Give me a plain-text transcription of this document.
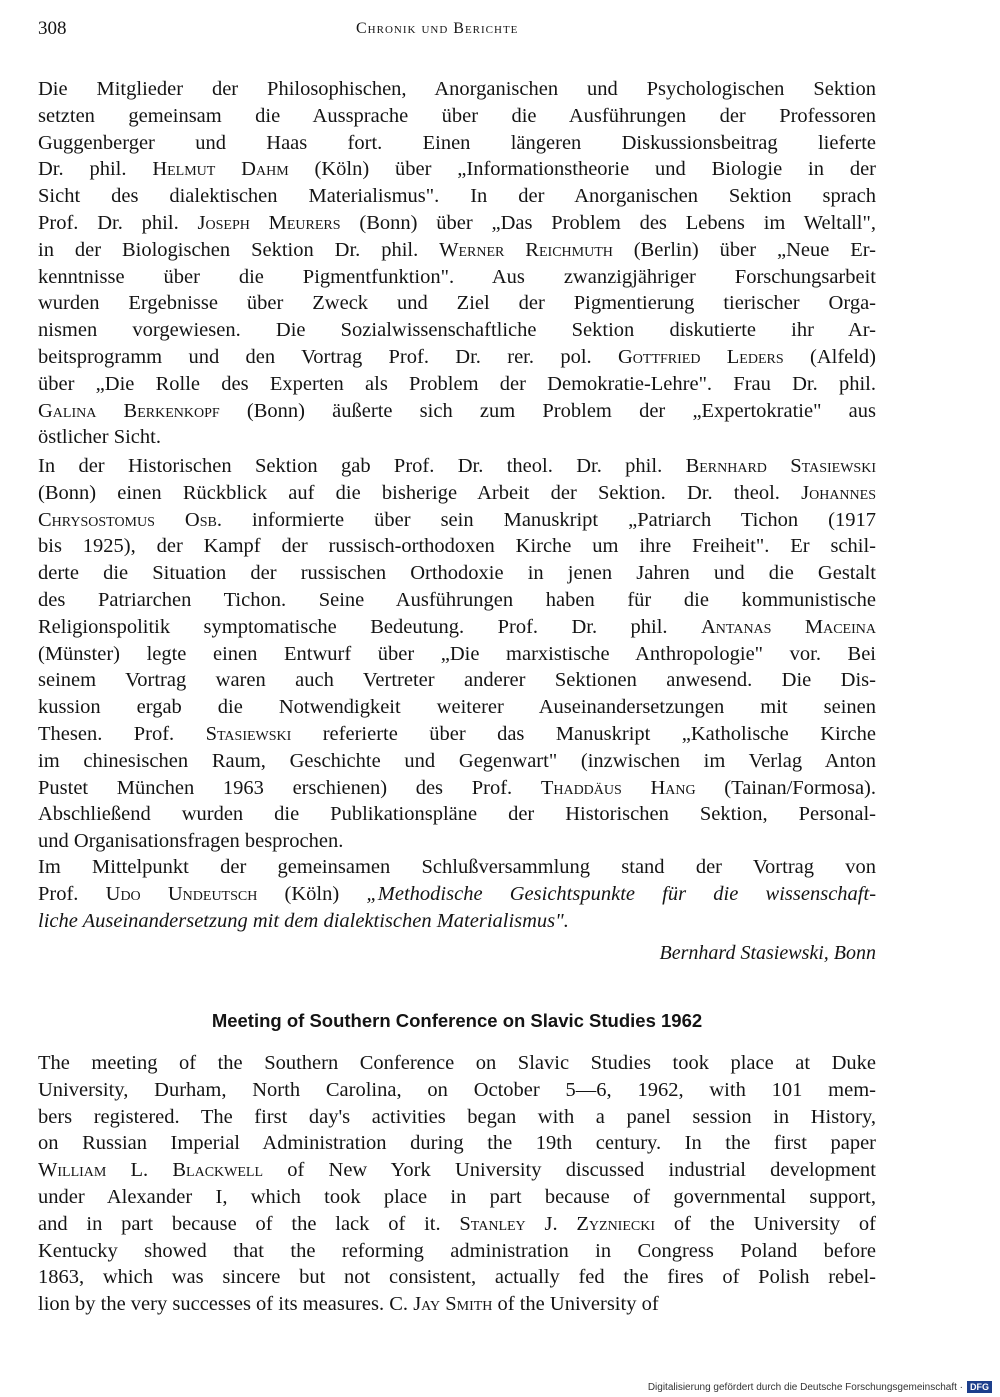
308	Chronik und Berichte
Die Mitglieder der Philosophischen, Anorganischen und Psychologischen Sektion
setzten gemeinsam die Aussprache über die Ausführungen der Professoren
Guggenberger und Haas fort. Einen längeren Diskussionsbeitrag lieferte
Dr. phil. Helmut Dahm (Köln) über „Informationstheorie und Biologie in der
Sicht des dialektischen Materialismus". In der Anorganischen Sektion sprach
Prof. Dr. phil. Joseph Meurers (Bonn) über „Das Problem des Lebens im Weltall",
in der Biologischen Sektion Dr. phil. Werner Reichmuth (Berlin) über „Neue Er-
kenntnisse über die Pigmentfunktion". Aus zwanzigjähriger Forschungsarbeit
wurden Ergebnisse über Zweck und Ziel der Pigmentierung tierischer Orga-
nismen vorgewiesen. Die Sozialwissenschaftliche Sektion diskutierte ihr Ar-
beitsprogramm und den Vortrag Prof. Dr. rer. pol. Gottfried Leders (Alfeld)
über „Die Rolle des Experten als Problem der Demokratie-Lehre". Frau Dr. phil.
Galina Berkenkopf (Bonn) äußerte sich zum Problem der „Expertokratie" aus
östlicher Sicht.
In der Historischen Sektion gab Prof. Dr. theol. Dr. phil. Bernhard Stasiewski
(Bonn) einen Rückblick auf die bisherige Arbeit der Sektion. Dr. theol. Johannes
Chrysostomus Osb. informierte über sein Manuskript „Patriarch Tichon (1917
bis 1925), der Kampf der russisch-orthodoxen Kirche um ihre Freiheit". Er schil-
derte die Situation der russischen Orthodoxie in jenen Jahren und die Gestalt
des Patriarchen Tichon. Seine Ausführungen haben für die kommunistische
Religionspolitik symptomatische Bedeutung. Prof. Dr. phil. Antanas Maceina
(Münster) legte einen Entwurf über „Die marxistische Anthropologie" vor. Bei
seinem Vortrag waren auch Vertreter anderer Sektionen anwesend. Die Dis-
kussion ergab die Notwendigkeit weiterer Auseinandersetzungen mit seinen
Thesen. Prof. Stasiewski referierte über das Manuskript „Katholische Kirche
im chinesischen Raum, Geschichte und Gegenwart" (inzwischen im Verlag Anton
Pustet München 1963 erschienen) des Prof. Thaddäus Hang (Tainan/Formosa).
Abschließend wurden die Publikationspläne der Historischen Sektion, Personal-
und Organisationsfragen besprochen.
Im Mittelpunkt der gemeinsamen Schlußversammlung stand der Vortrag von
Prof. Udo Undeutsch (Köln) „Methodische Gesichtspunkte für die wissenschaft-
liche Auseinandersetzung mit dem dialektischen Materialismus".
Bernhard Stasiewski, Bonn
Meeting of Southern Conference on Slavic Studies 1962
The meeting of the Southern Conference on Slavic Studies took place at Duke
University, Durham, North Carolina, on October 5—6, 1962, with 101 mem-
bers registered. The first day's activities began with a panel session in History,
on Russian Imperial Administration during the 19th century. In the first paper
William L. Blackwell of New York University discussed industrial development
under Alexander I, which took place in part because of governmental support,
and in part because of the lack of it. Stanley J. Zyzniecki of the University of
Kentucky showed that the reforming administration in Congress Poland before
1863, which was sincere but not consistent, actually fed the fires of Polish rebel-
lion by the very successes of its measures. C. Jay Smith of the University of
Digitalisierung gefördert durch die Deutsche Forschungsgemeinschaft · DFG
